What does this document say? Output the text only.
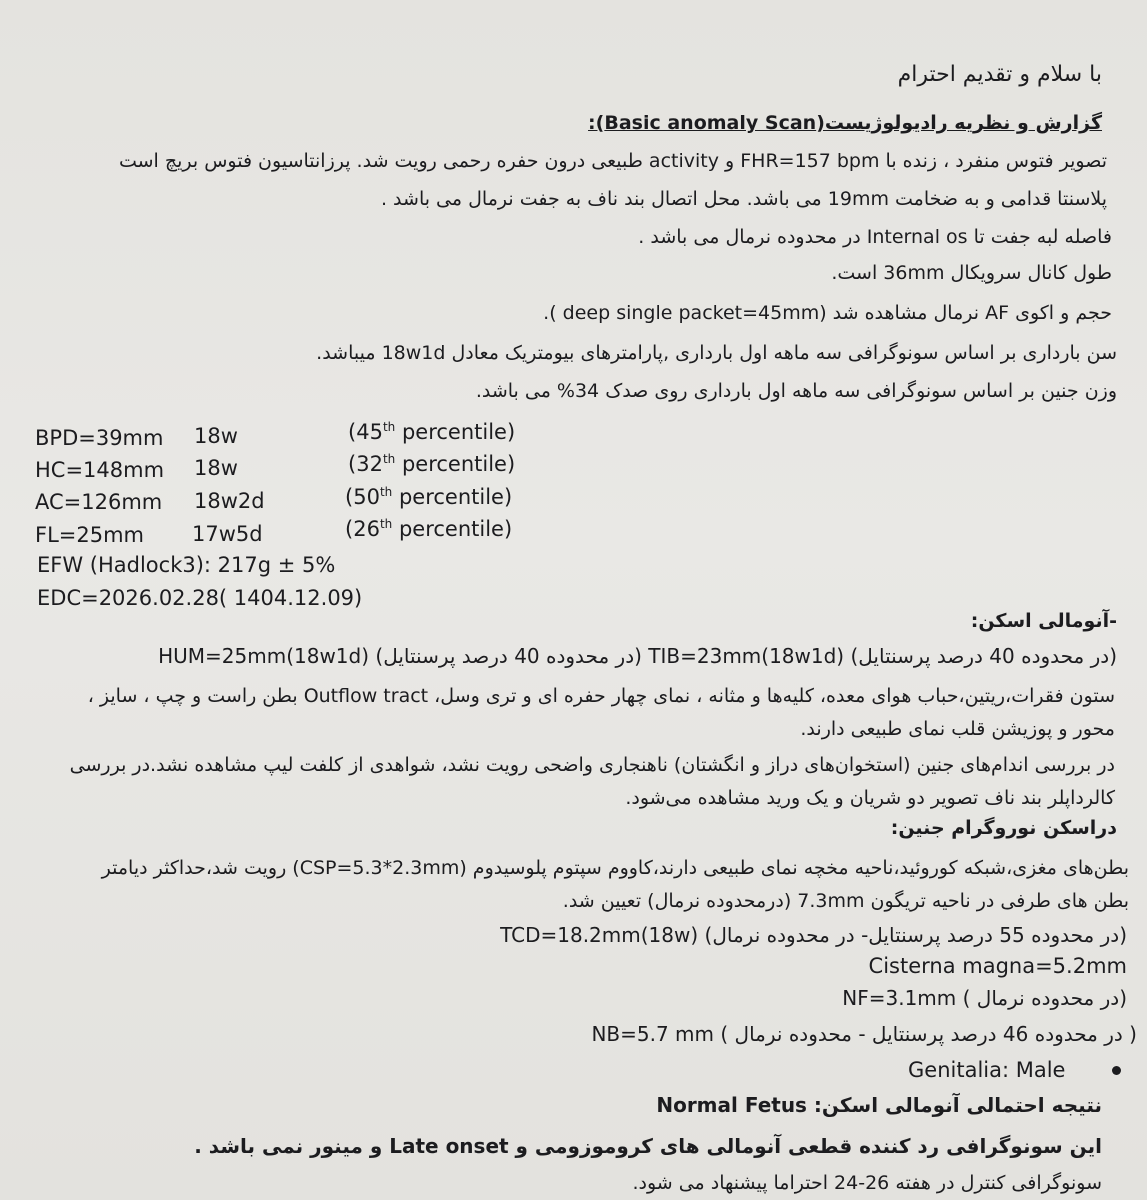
با سلام و تقدیم احترام
گزارش و نظریه رادیولوژیست(Basic anomaly Scan):
تصویر فتوس منفرد ، زنده با FHR=157 bpm و activity طبیعی درون حفره رحمی رویت شد. پرزانتاسیون فتوس بریچ است
پلاسنتا قدامی و به ضخامت 19mm می باشد. محل اتصال بند ناف به جفت نرمال می باشد .
فاصله لبه جفت تا Internal os در محدوده نرمال می باشد .
طول کانال سرویکال 36mm است.
حجم و اکوی AF نرمال مشاهده شد (deep single packet=45mm ).
سن بارداری بر اساس سونوگرافی سه ماهه اول بارداری ,پارامترهای بیومتریک معادل 18w1d میباشد.
وزن جنین بر اساس سونوگرافی سه ماهه اول بارداری روی صدک 34% می باشد.
BPD=39mm 18w	(45th percentile)
HC=148mm 18w	(32th percentile)
AC=126mm 18w2d	(50th percentile)
FL=25mm 17w5d	(26th percentile)
EFW (Hadlock3): 217g ± 5%
EDC=2026.02.28( 1404.12.09)
-آنومالی اسکن:
HUM=25mm(18w1d) (در محدوده 40 درصد پرسنتایل) TIB=23mm(18w1d) (در محدوده 40 درصد پرسنتایل)
ستون فقرات،ریتین،حباب هوای معده، کلیه‌ها و مثانه ، نمای چهار حفره ای و تری وسل، Outflow tract بطن راست و چپ ، سایز ،
محور و پوزیشن قلب نمای طبیعی دارند.
در بررسی اندام‌های جنین (استخوان‌های دراز و انگشتان) ناهنجاری واضحی رویت نشد، شواهدی از کلفت لیپ مشاهده نشد.در بررسی
کالرداپلر بند ناف تصویر دو شریان و یک ورید مشاهده می‌شود.
دراسکن نوروگرام جنین:
بطن‌های مغزی،شبکه کوروئید،ناحیه مخچه نمای طبیعی دارند،کاووم سپتوم پلوسیدوم (CSP=5.3*2.3mm) رویت شد،حداکثر دیامتر
بطن های طرفی در ناحیه تریگون 7.3mm (درمحدوده نرمال) تعیین شد.
TCD=18.2mm(18w) (در محدوده 55 درصد پرسنتایل- در محدوده نرمال)
Cisterna magna=5.2mm
NF=3.1mm ( در محدوده نرمال)
NB=5.7 mm ( در محدوده 46 درصد پرسنتایل - محدوده نرمال )
Genitalia: Male
نتیجه احتمالی آنومالی اسکن: Normal Fetus
این سونوگرافی رد کننده قطعی آنومالی های کروموزومی و Late onset و مینور نمی باشد .
سونوگرافی کنترل در هفته 26-24 احتراما پیشنهاد می شود.
